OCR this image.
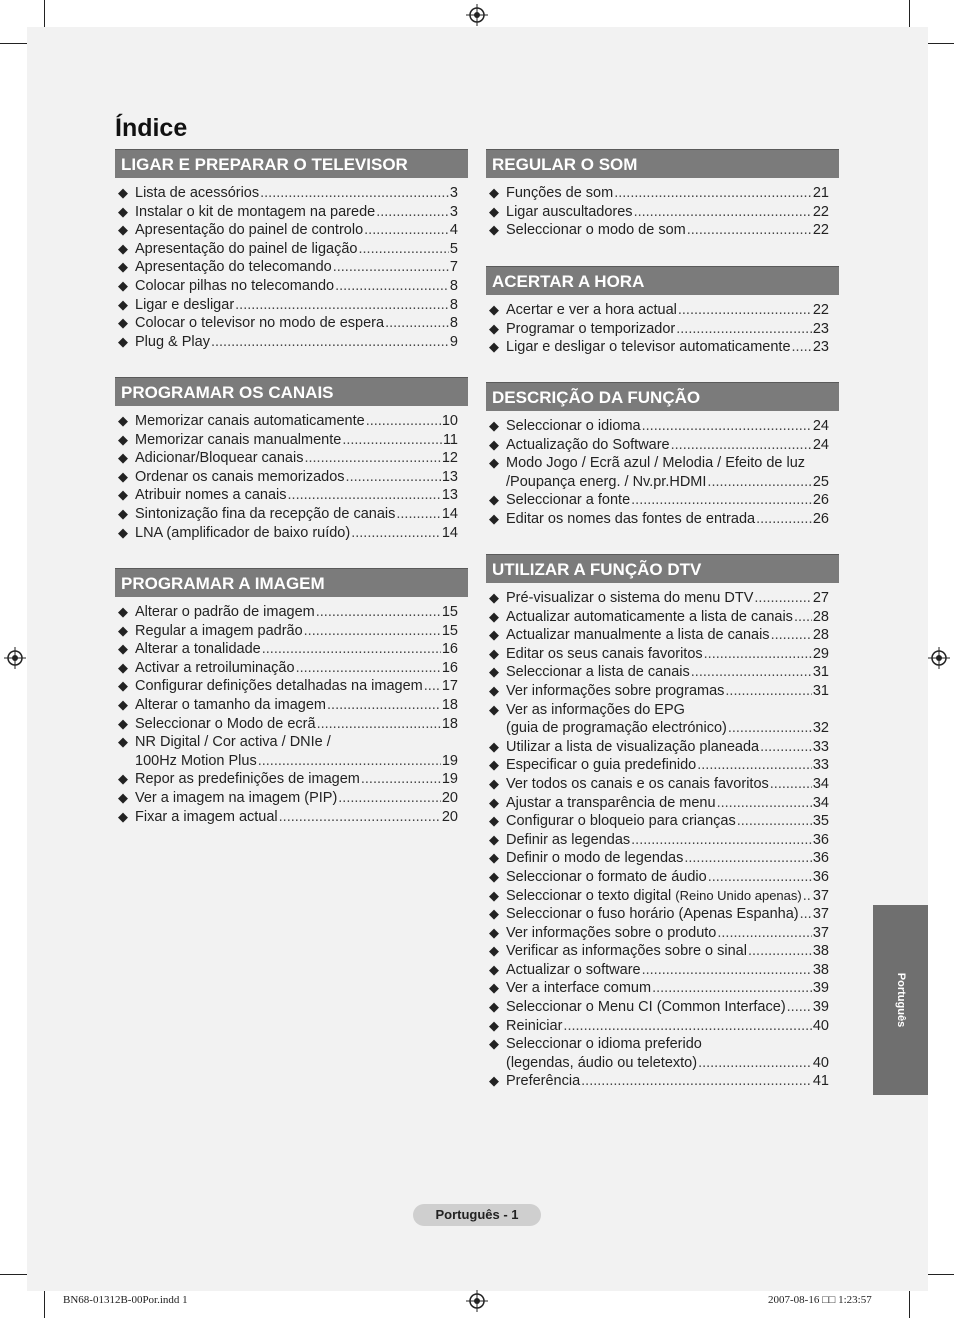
Índice
LIGAR E PREPARAR O TELEVISOR
◆ Lista de acessórios .....	3
◆ Instalar o kit de montagem na parede .....	3
◆ Apresentação do painel de controlo .....	4
◆ Apresentação do painel de ligação .....	5
◆ Apresentação do telecomando .....	7
◆ Colocar pilhas no telecomando .....	8
◆ Ligar e desligar .....	8
◆ Colocar o televisor no modo de espera .....	8
◆ Plug & Play .....	9
PROGRAMAR OS CANAIS
◆ Memorizar canais automaticamente .....	10
◆ Memorizar canais manualmente .....	11
◆ Adicionar/Bloquear canais .....	12
◆ Ordenar os canais memorizados .....	13
◆ Atribuir nomes a canais .....	13
◆ Sintonização fina da recepção de canais .....	14
◆ LNA (amplificador de baixo ruído) .....	14
PROGRAMAR A IMAGEM
◆ Alterar o padrão de imagem .....	15
◆ Regular a imagem padrão .....	15
◆ Alterar a tonalidade .....	16
◆ Activar a retroiluminação .....	16
◆ Configurar definições detalhadas na imagem ..... 17
◆ Alterar o tamanho da imagem .....	18
◆ Seleccionar o Modo de ecrã .....	18
◆ NR Digital / Cor activa / DNIe /
100Hz Motion Plus .....	19
◆ Repor as predefinições de imagem .....	19
◆ Ver a imagem na imagem (PIP) .....	20
◆ Fixar a imagem actual .....	20
REGULAR O SOM
◆ Funções de som .....	21
◆ Ligar auscultadores .....	22
◆ Seleccionar o modo de som .....	22
ACERTAR A HORA
◆ Acertar e ver a hora actual .....	22
◆ Programar o temporizador .....	23
◆ Ligar e desligar o televisor automaticamente ..... 23
DESCRIÇÃO DA FUNÇÃO
◆ Seleccionar o idioma .....	24
◆ Actualização do Software .....	24
◆ Modo Jogo / Ecrã azul / Melodia / Efeito de luz
/Poupança energ. / Nv.pr.HDMI .....	25
◆ Seleccionar a fonte .....	26
◆ Editar os nomes das fontes de entrada .....	26
UTILIZAR A FUNÇÃO DTV
◆ Pré-visualizar o sistema do menu DTV .....	27
◆ Actualizar automaticamente a lista de canais ..... 28
◆ Actualizar manualmente a lista de canais .....	28
◆ Editar os seus canais favoritos .....	29
◆ Seleccionar a lista de canais .....	31
◆ Ver informações sobre programas .....	31
◆ Ver as informações do EPG
(guia de programação electrónico) .....	32
◆ Utilizar a lista de visualização planeada .....	33
◆ Especificar o guia predefinido .....	33
◆ Ver todos os canais e os canais favoritos .....	34
◆ Ajustar a transparência de menu .....	34
◆ Configurar o bloqueio para crianças .....	35
◆ Definir as legendas .....	36
◆ Definir o modo de legendas .....	36
◆ Seleccionar o formato de áudio .....	36
◆ Seleccionar o texto digital (Reino Unido apenas) ..... 37
◆ Seleccionar o fuso horário (Apenas Espanha) ..... 37
◆ Ver informações sobre o produto .....	37
◆ Verificar as informações sobre o sinal .....	38
◆ Actualizar o software .....	38
◆ Ver a interface comum .....	39
◆ Seleccionar o Menu CI (Common Interface) ..... 39
◆ Reiniciar .....	40
◆ Seleccionar o idioma preferido
(legendas, áudio ou teletexto) .....	40
◆ Preferência .....	41
Português
Português - 1
BN68-01312B-00Por.indd 1	2007-08-16 □□ 1:23:57
